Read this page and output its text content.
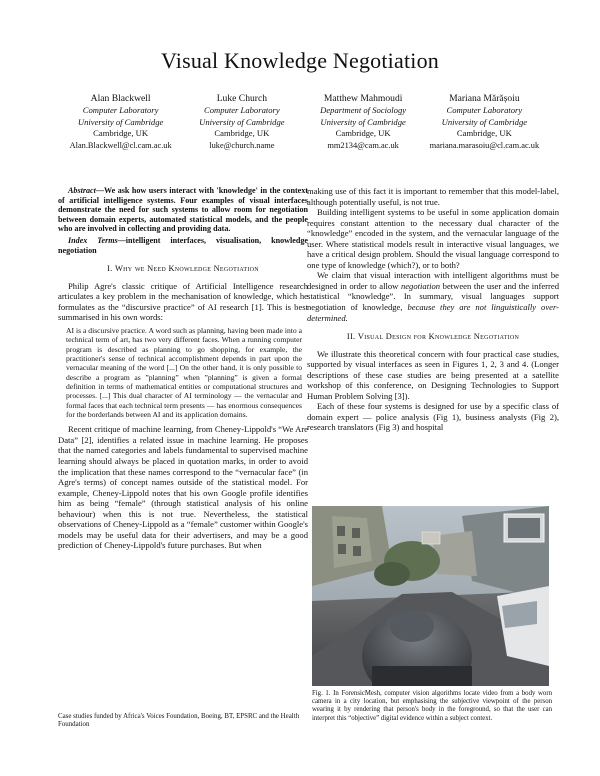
Visual Knowledge Negotiation
Alan Blackwell
Computer Laboratory
University of Cambridge
Cambridge, UK
Alan.Blackwell@cl.cam.ac.uk
Luke Church
Computer Laboratory
University of Cambridge
Cambridge, UK
luke@church.name
Matthew Mahmoudi
Department of Sociology
University of Cambridge
Cambridge, UK
mm2134@cam.ac.uk
Mariana Mărășoiu
Computer Laboratory
University of Cambridge
Cambridge, UK
mariana.marasoiu@cl.cam.ac.uk

Abstract—We ask how users interact with 'knowledge' in the context of artificial intelligence systems. Four examples of visual interfaces demonstrate the need for such systems to allow room for negotiation between domain experts, automated statistical models, and the people who are involved in collecting and providing data.

Index Terms—intelligent interfaces, visualisation, knowledge negotiation

I. Why we Need Knowledge Negotiation

Philip Agre's classic critique of Artificial Intelligence research articulates a key problem in the mechanisation of knowledge, which he formulates as the “discursive practice” of AI research [1]. This is best summarised in his own words:

AI is a discursive practice. A word such as planning, having been made into a technical term of art, has two very different faces. When a running computer program is described as planning to go shopping, for example, the practitioner's sense of technical accomplishment depends in part upon the vernacular meaning of the word [...] On the other hand, it is only possible to describe a program as ”planning” when ”planning” is given a formal definition in terms of mathematical entities or computational structures and processes. [...] This dual character of AI terminology — the vernacular and formal faces that each technical term presents — has enormous consequences for the borderlands between AI and its application domains.

Recent critique of machine learning, from Cheney-Lippold's “We Are Data” [2], identifies a related issue in machine learning. He proposes that the named categories and labels fundamental to supervised machine learning should always be placed in quotation marks, in order to avoid the implication that these names correspond to the “vernacular face” (in Agre's terms) of concept names outside of the statistical model. For example, Cheney-Lippold notes that his own Google profile identifies him as being “female” (through statistical analysis of his online behaviour) when this is not true. Nevertheless, the statistical observations of Cheney-Lippold as a “female” customer within Google's models may be useful data for their advertisers, and may be a good prediction of Cheney-Lippold's future purchases. But when

Case studies funded by Africa's Voices Foundation, Boeing, BT, EPSRC and the Health Foundation

making use of this fact it is important to remember that this model-label, although potentially useful, is not true.

Building intelligent systems to be useful in some application domain requires constant attention to the necessary dual character of the “knowledge” encoded in the system, and the vernacular language of the user. Where statistical models result in interactive visual languages, we have a critical design problem. Should the visual language correspond to one type of knowledge (which?), or to both?

We claim that visual interaction with intelligent algorithms must be designed in order to allow negotiation between the user and the inferred statistical “knowledge”. In summary, visual languages support negotiation of knowledge, because they are not linguistically over-determined.

II. Visual Design for Knowledge Negotiation

We illustrate this theoretical concern with four practical case studies, supported by visual interfaces as seen in Figures 1, 2, 3 and 4. (Longer descriptions of these case studies are being presented at a satellite workshop of this conference, on Designing Technologies to Support Human Problem Solving [3]).

Each of these four systems is designed for use by a specific class of domain expert — police analysis (Fig 1), business analysts (Fig 2), research translators (Fig 3) and hospital

Fig. 1. In ForensicMesh, computer vision algorithms locate video from a body worn camera in a city location, but emphasising the subjective viewpoint of the person wearing it by rendering that person's body in the foreground, so that the user can interpret this “objective” digital evidence within a subject context.
